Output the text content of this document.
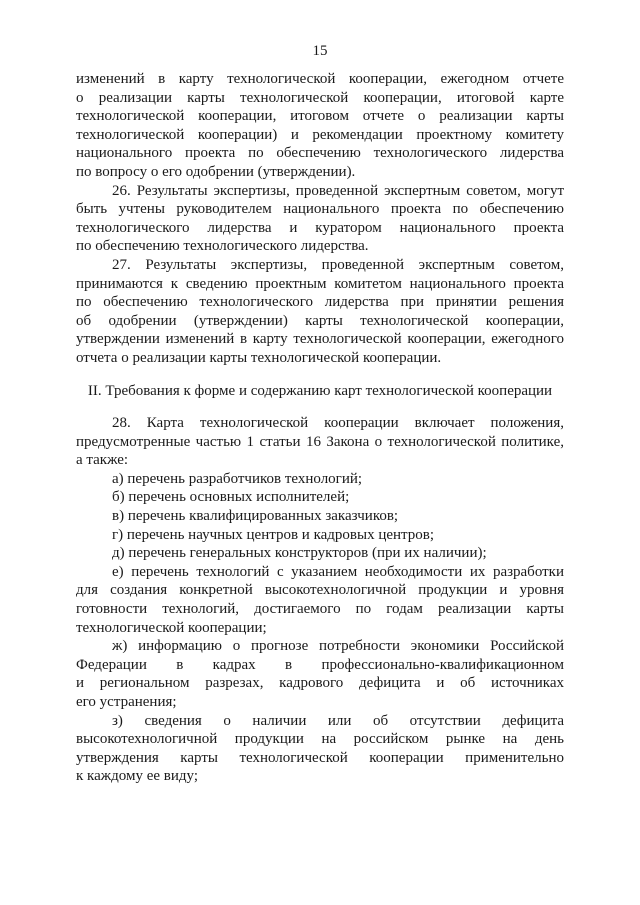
15
изменений в карту технологической кооперации, ежегодном отчете
о реализации карты технологической кооперации, итоговой карте
технологической кооперации, итоговом отчете о реализации карты
технологической кооперации) и рекомендации проектному комитету
национального проекта по обеспечению технологического лидерства
по вопросу о его одобрении (утверждении).
26. Результаты экспертизы, проведенной экспертным советом, могут
быть учтены руководителем национального проекта по обеспечению
технологического лидерства и куратором национального проекта
по обеспечению технологического лидерства.
27. Результаты экспертизы, проведенной экспертным советом,
принимаются к сведению проектным комитетом национального проекта
по обеспечению технологического лидерства при принятии решения
об одобрении (утверждении) карты технологической кооперации,
утверждении изменений в карту технологической кооперации, ежегодного
отчета о реализации карты технологической кооперации.
II. Требования к форме и содержанию карт технологической кооперации
28. Карта технологической кооперации включает положения,
предусмотренные частью 1 статьи 16 Закона о технологической политике,
а также:
а) перечень разработчиков технологий;
б) перечень основных исполнителей;
в) перечень квалифицированных заказчиков;
г) перечень научных центров и кадровых центров;
д) перечень генеральных конструкторов (при их наличии);
е) перечень технологий с указанием необходимости их разработки
для создания конкретной высокотехнологичной продукции и уровня
готовности технологий, достигаемого по годам реализации карты
технологической кооперации;
ж) информацию о прогнозе потребности экономики Российской
Федерации в кадрах в профессионально-квалификационном
и региональном разрезах, кадрового дефицита и об источниках
его устранения;
з) сведения о наличии или об отсутствии дефицита
высокотехнологичной продукции на российском рынке на день
утверждения карты технологической кооперации применительно
к каждому ее виду;
